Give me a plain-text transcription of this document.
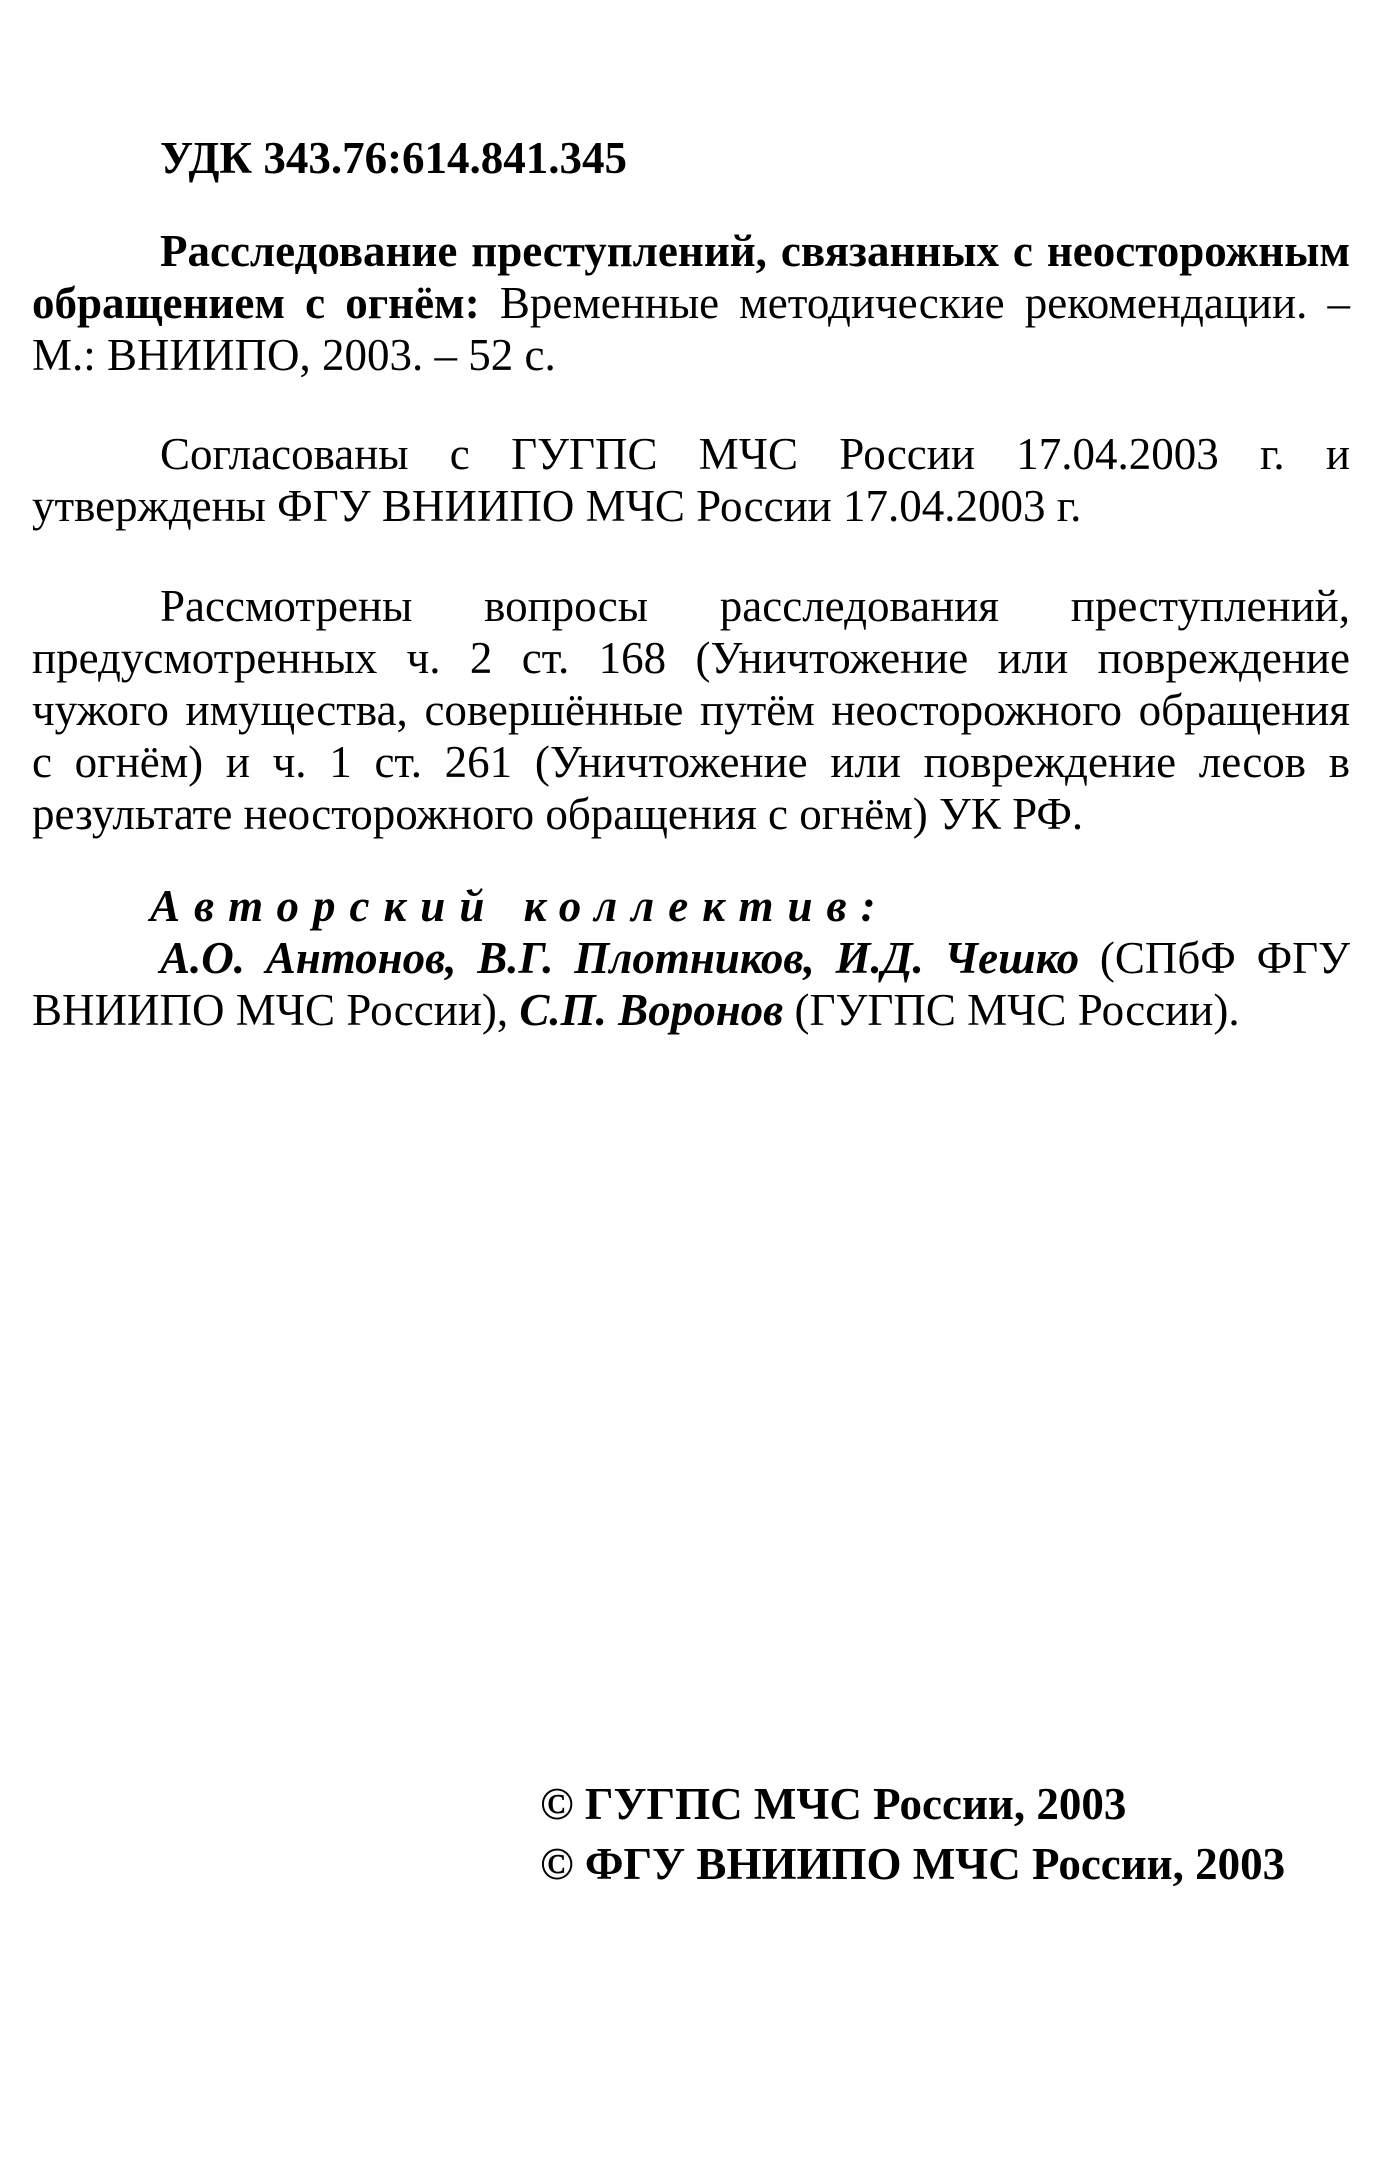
УДК 343.76:614.841.345
Расследование преступлений, связанных с неосторожным обращением с огнём: Временные методические рекомендации. – М.: ВНИИПО, 2003. – 52 с.
Согласованы с ГУГПС МЧС России 17.04.2003 г. и утверждены ФГУ ВНИИПО МЧС России 17.04.2003 г.
Рассмотрены вопросы расследования преступлений, предусмотренных ч. 2 ст. 168 (Уничтожение или повреждение чужого имущества, совершённые путём неосторожного обращения с огнём) и ч. 1 ст. 261 (Уничтожение или повреждение лесов в результате неосторожного обращения с огнём) УК РФ.
Авторский коллектив:
А.О. Антонов, В.Г. Плотников, И.Д. Чешко (СПбФ ФГУ ВНИИПО МЧС России), С.П. Воронов (ГУГПС МЧС России).
© ГУГПС МЧС России, 2003
© ФГУ ВНИИПО МЧС России, 2003
